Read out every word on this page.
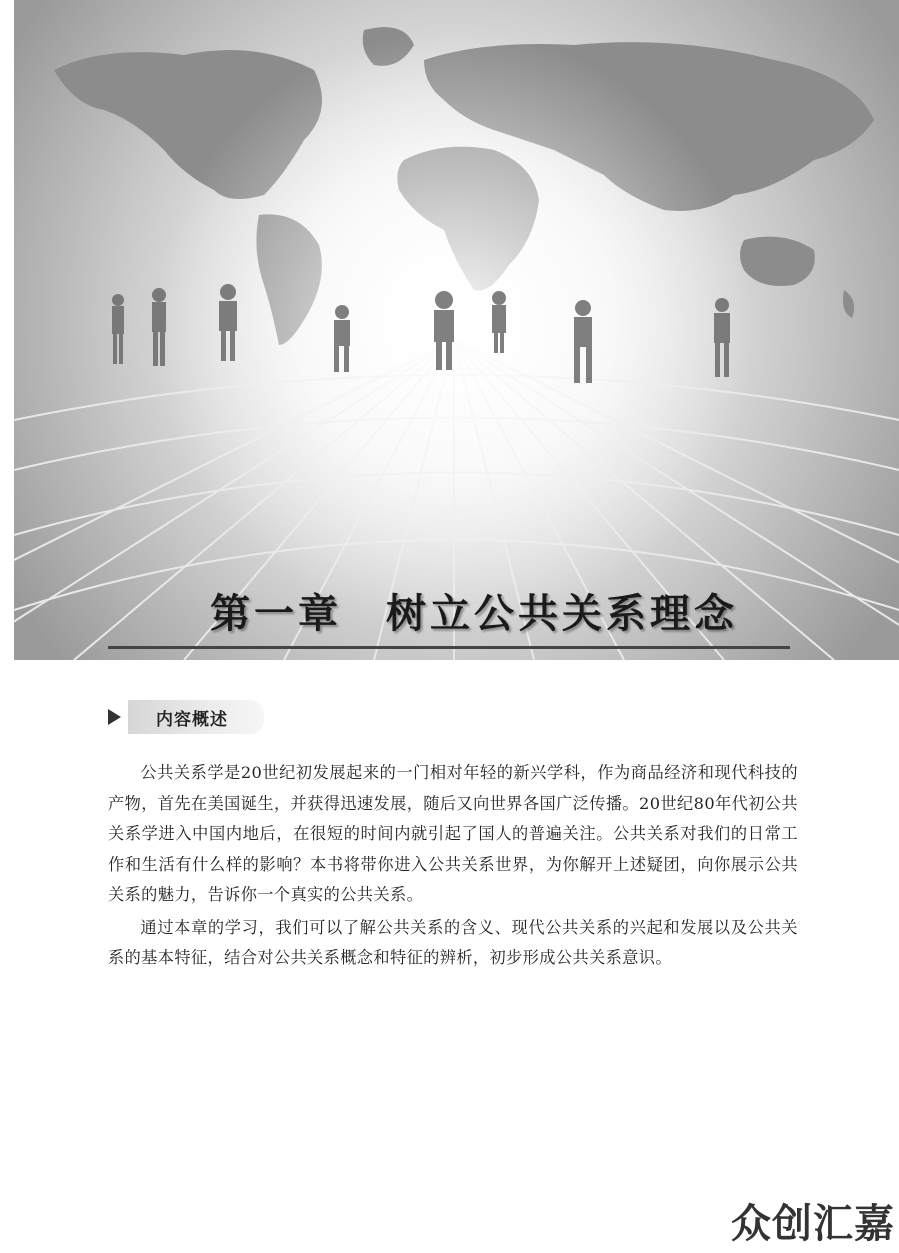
第一章　树立公共关系理念
内容概述

公共关系学是20世纪初发展起来的一门相对年轻的新兴学科，作为商品经济和现代科技的产物，首先在美国诞生，并获得迅速发展，随后又向世界各国广泛传播。20世纪80年代初公共关系学进入中国内地后，在很短的时间内就引起了国人的普遍关注。公共关系对我们的日常工作和生活有什么样的影响？本书将带你进入公共关系世界，为你解开上述疑团，向你展示公共关系的魅力，告诉你一个真实的公共关系。

通过本章的学习，我们可以了解公共关系的含义、现代公共关系的兴起和发展以及公共关系的基本特征，结合对公共关系概念和特征的辨析，初步形成公共关系意识。

众创汇嘉
